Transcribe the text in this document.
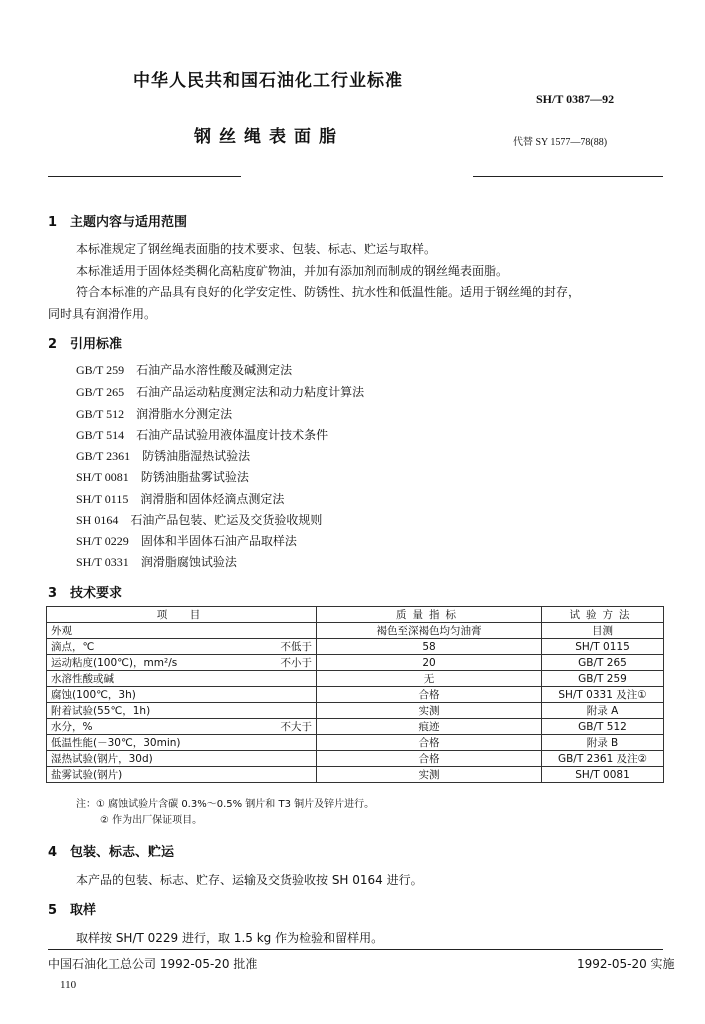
中华人民共和国石油化工行业标准
SH/T 0387—92
钢丝绳表面脂	代替 SY 1577—78(88)
1　主题内容与适用范围
本标准规定了钢丝绳表面脂的技术要求、包装、标志、贮运与取样。
本标准适用于固体烃类稠化高粘度矿物油，并加有添加剂而制成的钢丝绳表面脂。
符合本标准的产品具有良好的化学安定性、防锈性、抗水性和低温性能。适用于钢丝绳的封存，
同时具有润滑作用。
2　引用标准
GB/T 259　 石油产品水溶性酸及碱测定法
GB/T 265　 石油产品运动粘度测定法和动力粘度计算法
GB/T 512　 润滑脂水分测定法
GB/T 514　 石油产品试验用液体温度计技术条件
GB/T 2361　 防锈油脂湿热试验法
SH/T 0081　 防锈油脂盐雾试验法
SH/T 0115　 润滑脂和固体烃滴点测定法
SH 0164　 石油产品包装、贮运及交货验收规则
SH/T 0229　 固体和半固体石油产品取样法
SH/T 0331　 润滑脂腐蚀试验法
3　技术要求
项　目	质量指标	试验方法
外观	褐色至深褐色均匀油膏	目测
滴点，℃ 不低于	58	SH/T 0115
运动粘度(100℃)，mm²/s 不小于	20	GB/T 265
水溶性酸或碱	无	GB/T 259
腐蚀(100℃，3h)	合格	SH/T 0331 及注①
附着试验(55℃，1h)	实测	附录 A
水分，% 不大于	痕迹	GB/T 512
低温性能(－30℃，30min)	合格	附录 B
湿热试验(钢片，30d)	合格	GB/T 2361 及注②
盐雾试验(钢片)	实测	SH/T 0081
注：① 腐蚀试验片含碳 0.3%～0.5% 钢片和 T3 铜片及锌片进行。
② 作为出厂保证项目。
4　包装、标志、贮运
本产品的包装、标志、贮存、运输及交货验收按 SH 0164 进行。
5　取样
取样按 SH/T 0229 进行，取 1.5 kg 作为检验和留样用。
中国石油化工总公司 1992-05-20 批准	1992-05-20 实施
110
